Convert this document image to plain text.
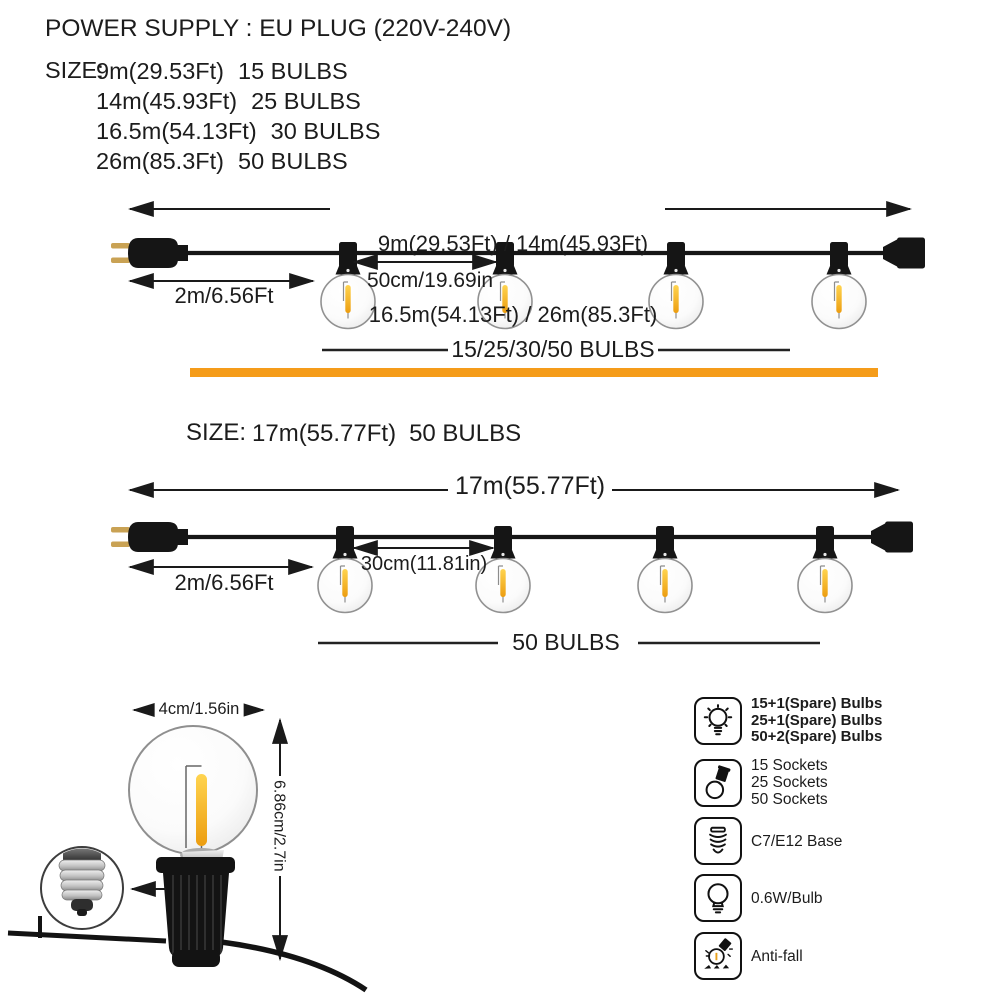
POWER SUPPLY : EU PLUG (220V-240V)
SIZE:
9m(29.53Ft) 15 BULBS
14m(45.93Ft) 25 BULBS
16.5m(54.13Ft) 30 BULBS
26m(85.3Ft) 50 BULBS

9m(29.53Ft) / 14m(45.93Ft)

16.5m(54.13Ft) / 26m(85.3Ft)

2m/6.56Ft
50cm/19.69in
15/25/30/50 BULBS
SIZE: 17m(55.77Ft) 50 BULBS
17m(55.77Ft)
2m/6.56Ft
30cm(11.81in)
50 BULBS
4cm/1.56in
6.86cm/2.7in
15+1(Spare) Bulbs
25+1(Spare) Bulbs
50+2(Spare) Bulbs
15 Sockets
25 Sockets
50 Sockets
C7/E12 Base
0.6W/Bulb
Anti-fall
